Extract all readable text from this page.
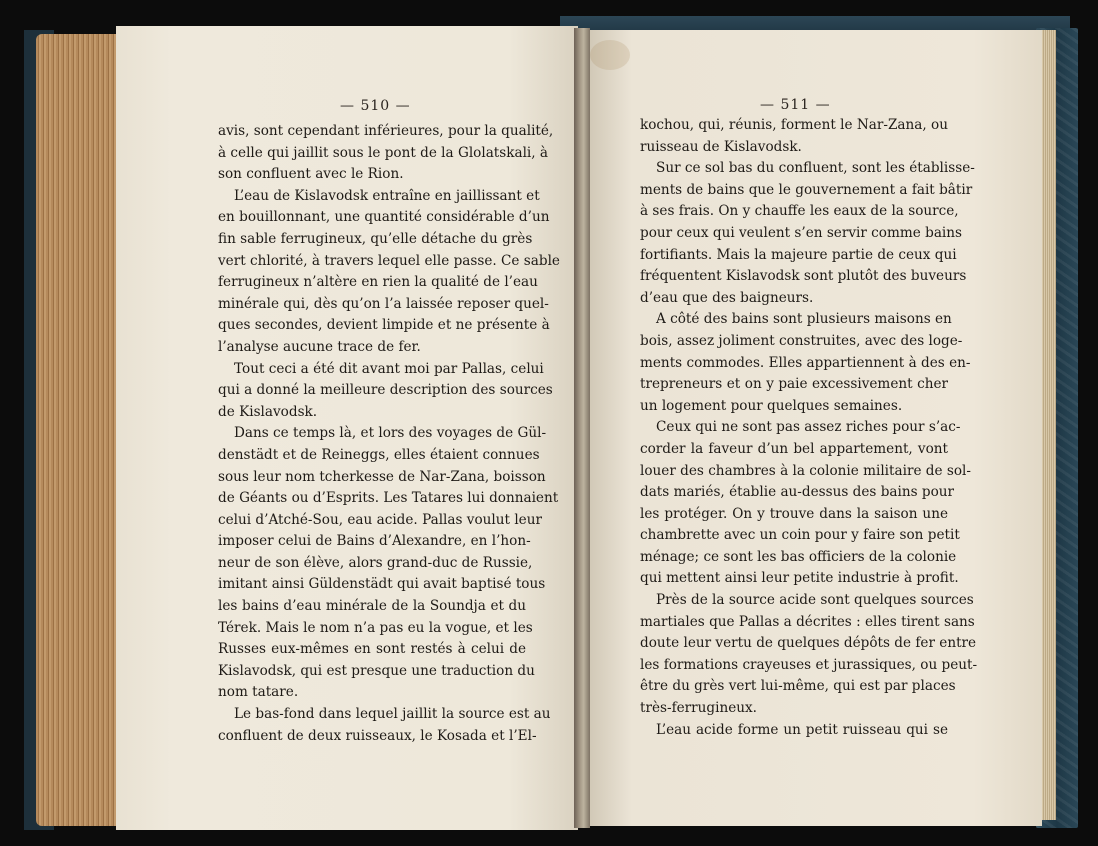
— 510 —	— 511 —
avis, sont cependant inférieures, pour la qualité,
à celle qui jaillit sous le pont de la Glolatskali, à
son confluent avec le Rion.
L’eau de Kislavodsk entraîne en jaillissant et
en bouillonnant, une quantité considérable d’un
fin sable ferrugineux, qu’elle détache du grès
vert chlorité, à travers lequel elle passe. Ce sable
ferrugineux n’altère en rien la qualité de l’eau
minérale qui, dès qu’on l’a laissée reposer quel-
ques secondes, devient limpide et ne présente à
l’analyse aucune trace de fer.
Tout ceci a été dit avant moi par Pallas, celui
qui a donné la meilleure description des sources
de Kislavodsk.
Dans ce temps là, et lors des voyages de Gül-
denstädt et de Reineggs, elles étaient connues
sous leur nom tcherkesse de Nar-Zana, boisson
de Géants ou d’Esprits. Les Tatares lui donnaient
celui d’Atché-Sou, eau acide. Pallas voulut leur
imposer celui de Bains d’Alexandre, en l’hon-
neur de son élève, alors grand-duc de Russie,
imitant ainsi Güldenstädt qui avait baptisé tous
les bains d’eau minérale de la Soundja et du
Térek. Mais le nom n’a pas eu la vogue, et les
Russes eux-mêmes en sont restés à celui de
Kislavodsk, qui est presque une traduction du
nom tatare.
Le bas-fond dans lequel jaillit la source est au
confluent de deux ruisseaux, le Kosada et l’El-
kochou, qui, réunis, forment le Nar-Zana, ou
ruisseau de Kislavodsk.
Sur ce sol bas du confluent, sont les établisse-
ments de bains que le gouvernement a fait bâtir
à ses frais. On y chauffe les eaux de la source,
pour ceux qui veulent s’en servir comme bains
fortifiants. Mais la majeure partie de ceux qui
fréquentent Kislavodsk sont plutôt des buveurs
d’eau que des baigneurs.
A côté des bains sont plusieurs maisons en
bois, assez joliment construites, avec des loge-
ments commodes. Elles appartiennent à des en-
trepreneurs et on y paie excessivement cher
un logement pour quelques semaines.
Ceux qui ne sont pas assez riches pour s’ac-
corder la faveur d’un bel appartement, vont
louer des chambres à la colonie militaire de sol-
dats mariés, établie au-dessus des bains pour
les protéger. On y trouve dans la saison une
chambrette avec un coin pour y faire son petit
ménage; ce sont les bas officiers de la colonie
qui mettent ainsi leur petite industrie à profit.
Près de la source acide sont quelques sources
martiales que Pallas a décrites : elles tirent sans
doute leur vertu de quelques dépôts de fer entre
les formations crayeuses et jurassiques, ou peut-
être du grès vert lui-même, qui est par places
très-ferrugineux.
L’eau acide forme un petit ruisseau qui se
